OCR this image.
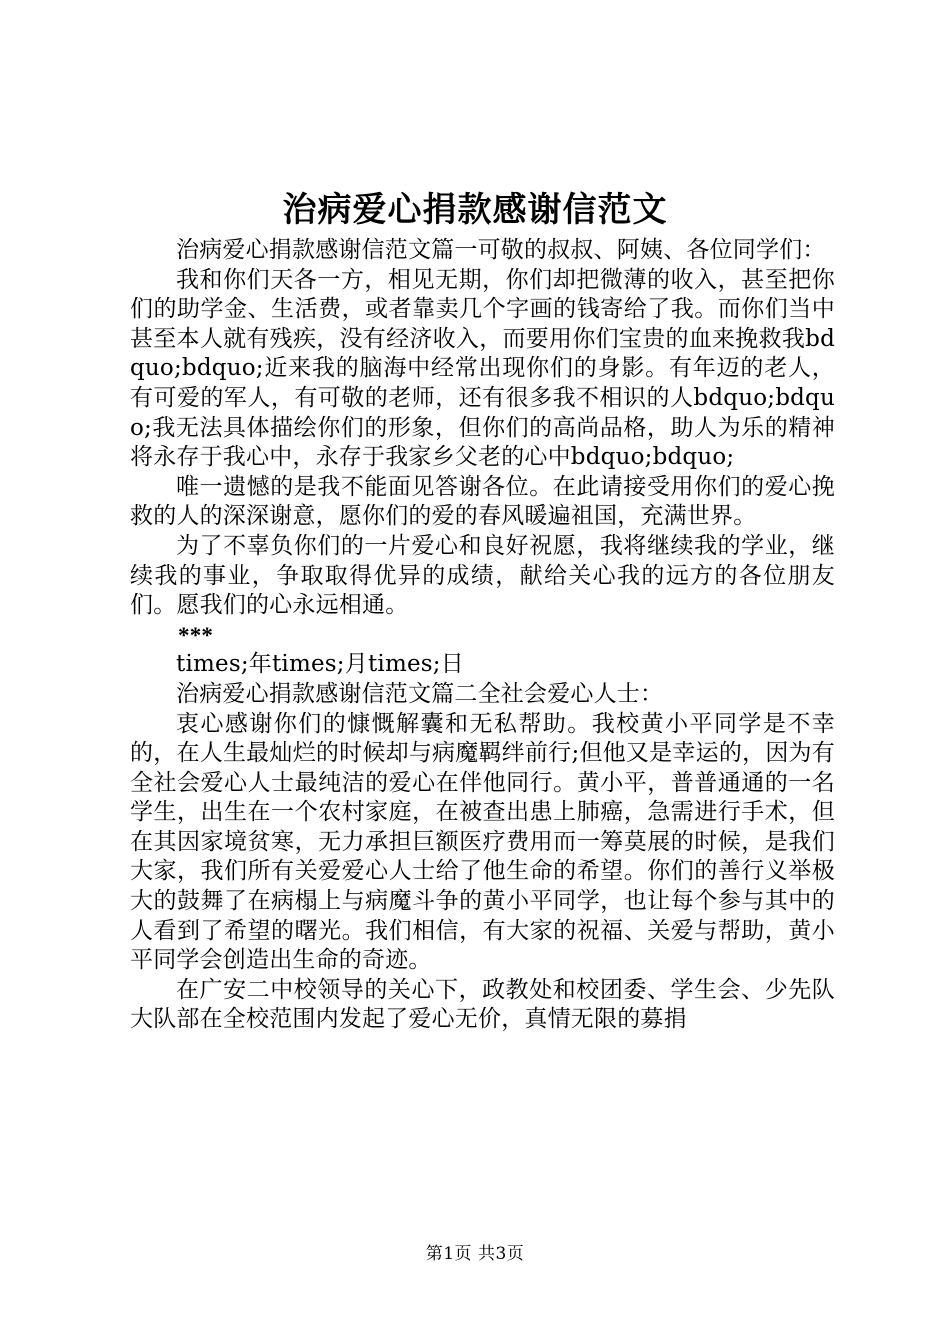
治病爱心捐款感谢信范文

治病爱心捐款感谢信范文篇一可敬的叔叔、阿姨、各位同学们：

我和你们天各一方，相见无期，你们却把微薄的收入，甚至把你们的助学金、生活费，或者靠卖几个字画的钱寄给了我。而你们当中甚至本人就有残疾，没有经济收入，而要用你们宝贵的血来挽救我bdquo;bdquo;近来我的脑海中经常出现你们的身影。有年迈的老人，有可爱的军人，有可敬的老师，还有很多我不相识的人bdquo;bdquo;我无法具体描绘你们的形象，但你们的高尚品格，助人为乐的精神将永存于我心中，永存于我家乡父老的心中bdquo;bdquo;

唯一遗憾的是我不能面见答谢各位。在此请接受用你们的爱心挽救的人的深深谢意，愿你们的爱的春风暖遍祖国，充满世界。

为了不辜负你们的一片爱心和良好祝愿，我将继续我的学业，继续我的事业，争取取得优异的成绩，献给关心我的远方的各位朋友们。愿我们的心永远相通。

***

times;年times;月times;日

治病爱心捐款感谢信范文篇二全社会爱心人士：

衷心感谢你们的慷慨解囊和无私帮助。我校黄小平同学是不幸的，在人生最灿烂的时候却与病魔羁绊前行;但他又是幸运的，因为有全社会爱心人士最纯洁的爱心在伴他同行。黄小平，普普通通的一名学生，出生在一个农村家庭，在被查出患上肺癌，急需进行手术，但在其因家境贫寒，无力承担巨额医疗费用而一筹莫展的时候，是我们大家，我们所有关爱爱心人士给了他生命的希望。你们的善行义举极大的鼓舞了在病榻上与病魔斗争的黄小平同学，也让每个参与其中的人看到了希望的曙光。我们相信，有大家的祝福、关爱与帮助，黄小平同学会创造出生命的奇迹。

在广安二中校领导的关心下，政教处和校团委、学生会、少先队大队部在全校范围内发起了爱心无价，真情无限的募捐

第1页 共3页
